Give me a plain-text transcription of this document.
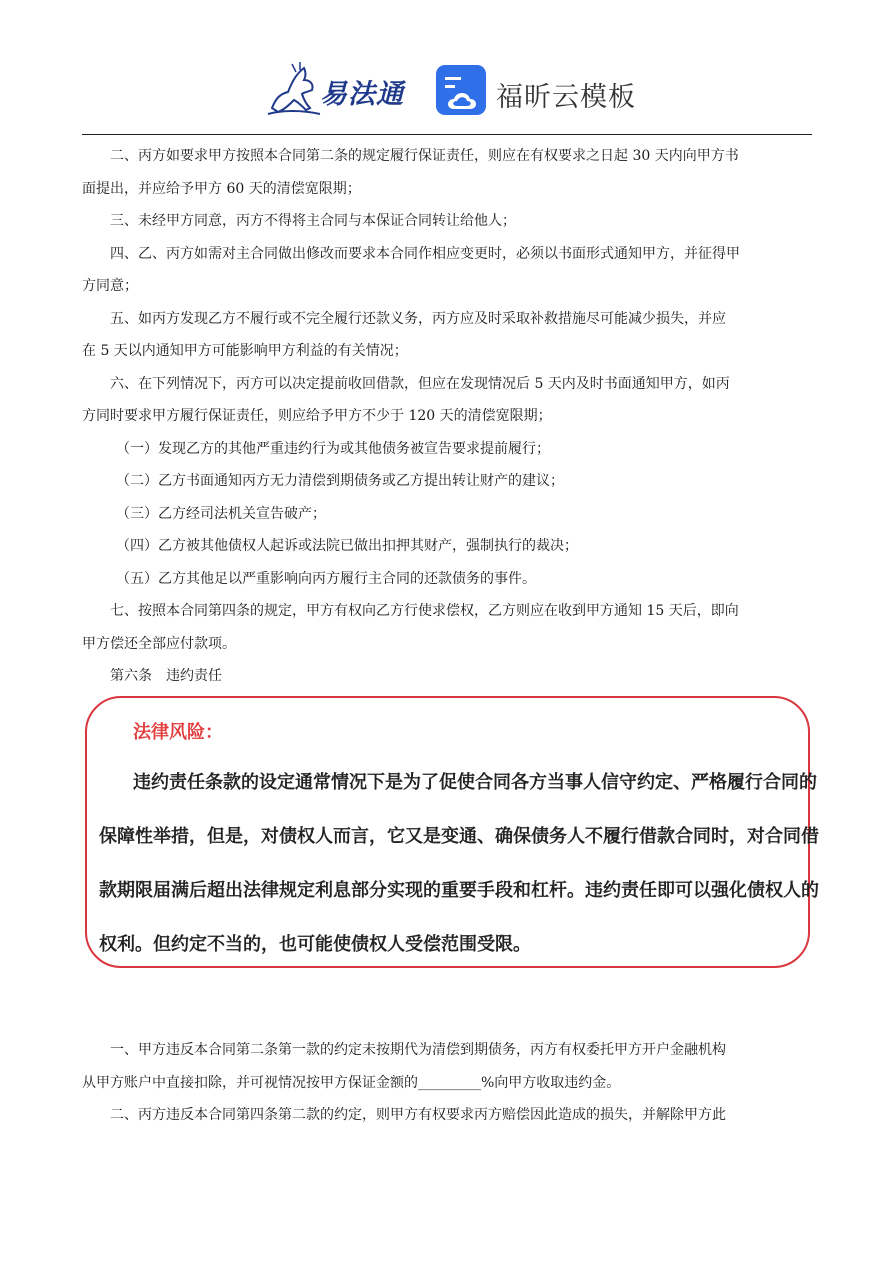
易法通	福昕云模板

二、丙方如要求甲方按照本合同第二条的规定履行保证责任，则应在有权要求之日起 30 天内向甲方书

面提出，并应给予甲方 60 天的清偿宽限期；

三、未经甲方同意，丙方不得将主合同与本保证合同转让给他人；

四、乙、丙方如需对主合同做出修改而要求本合同作相应变更时，必须以书面形式通知甲方，并征得甲

方同意；

五、如丙方发现乙方不履行或不完全履行还款义务，丙方应及时采取补救措施尽可能减少损失，并应

在 5 天以内通知甲方可能影响甲方利益的有关情况；

六、在下列情况下，丙方可以决定提前收回借款，但应在发现情况后 5 天内及时书面通知甲方，如丙

方同时要求甲方履行保证责任，则应给予甲方不少于 120 天的清偿宽限期；

（一）发现乙方的其他严重违约行为或其他债务被宣告要求提前履行；

（二）乙方书面通知丙方无力清偿到期债务或乙方提出转让财产的建议；

（三）乙方经司法机关宣告破产；

（四）乙方被其他债权人起诉或法院已做出扣押其财产，强制执行的裁决；

（五）乙方其他足以严重影响向丙方履行主合同的还款债务的事件。

七、按照本合同第四条的规定，甲方有权向乙方行使求偿权，乙方则应在收到甲方通知 15 天后，即向

甲方偿还全部应付款项。

第六条　违约责任

法律风险：
违约责任条款的设定通常情况下是为了促使合同各方当事人信守约定、严格履行合同的
保障性举措，但是，对债权人而言，它又是变通、确保债务人不履行借款合同时，对合同借
款期限届满后超出法律规定利息部分实现的重要手段和杠杆。违约责任即可以强化债权人的
权利。但约定不当的，也可能使债权人受偿范围受限。

一、甲方违反本合同第二条第一款的约定未按期代为清偿到期债务，丙方有权委托甲方开户金融机构

从甲方账户中直接扣除，并可视情况按甲方保证金额的_________%向甲方收取违约金。

二、丙方违反本合同第四条第二款的约定，则甲方有权要求丙方赔偿因此造成的损失，并解除甲方此
